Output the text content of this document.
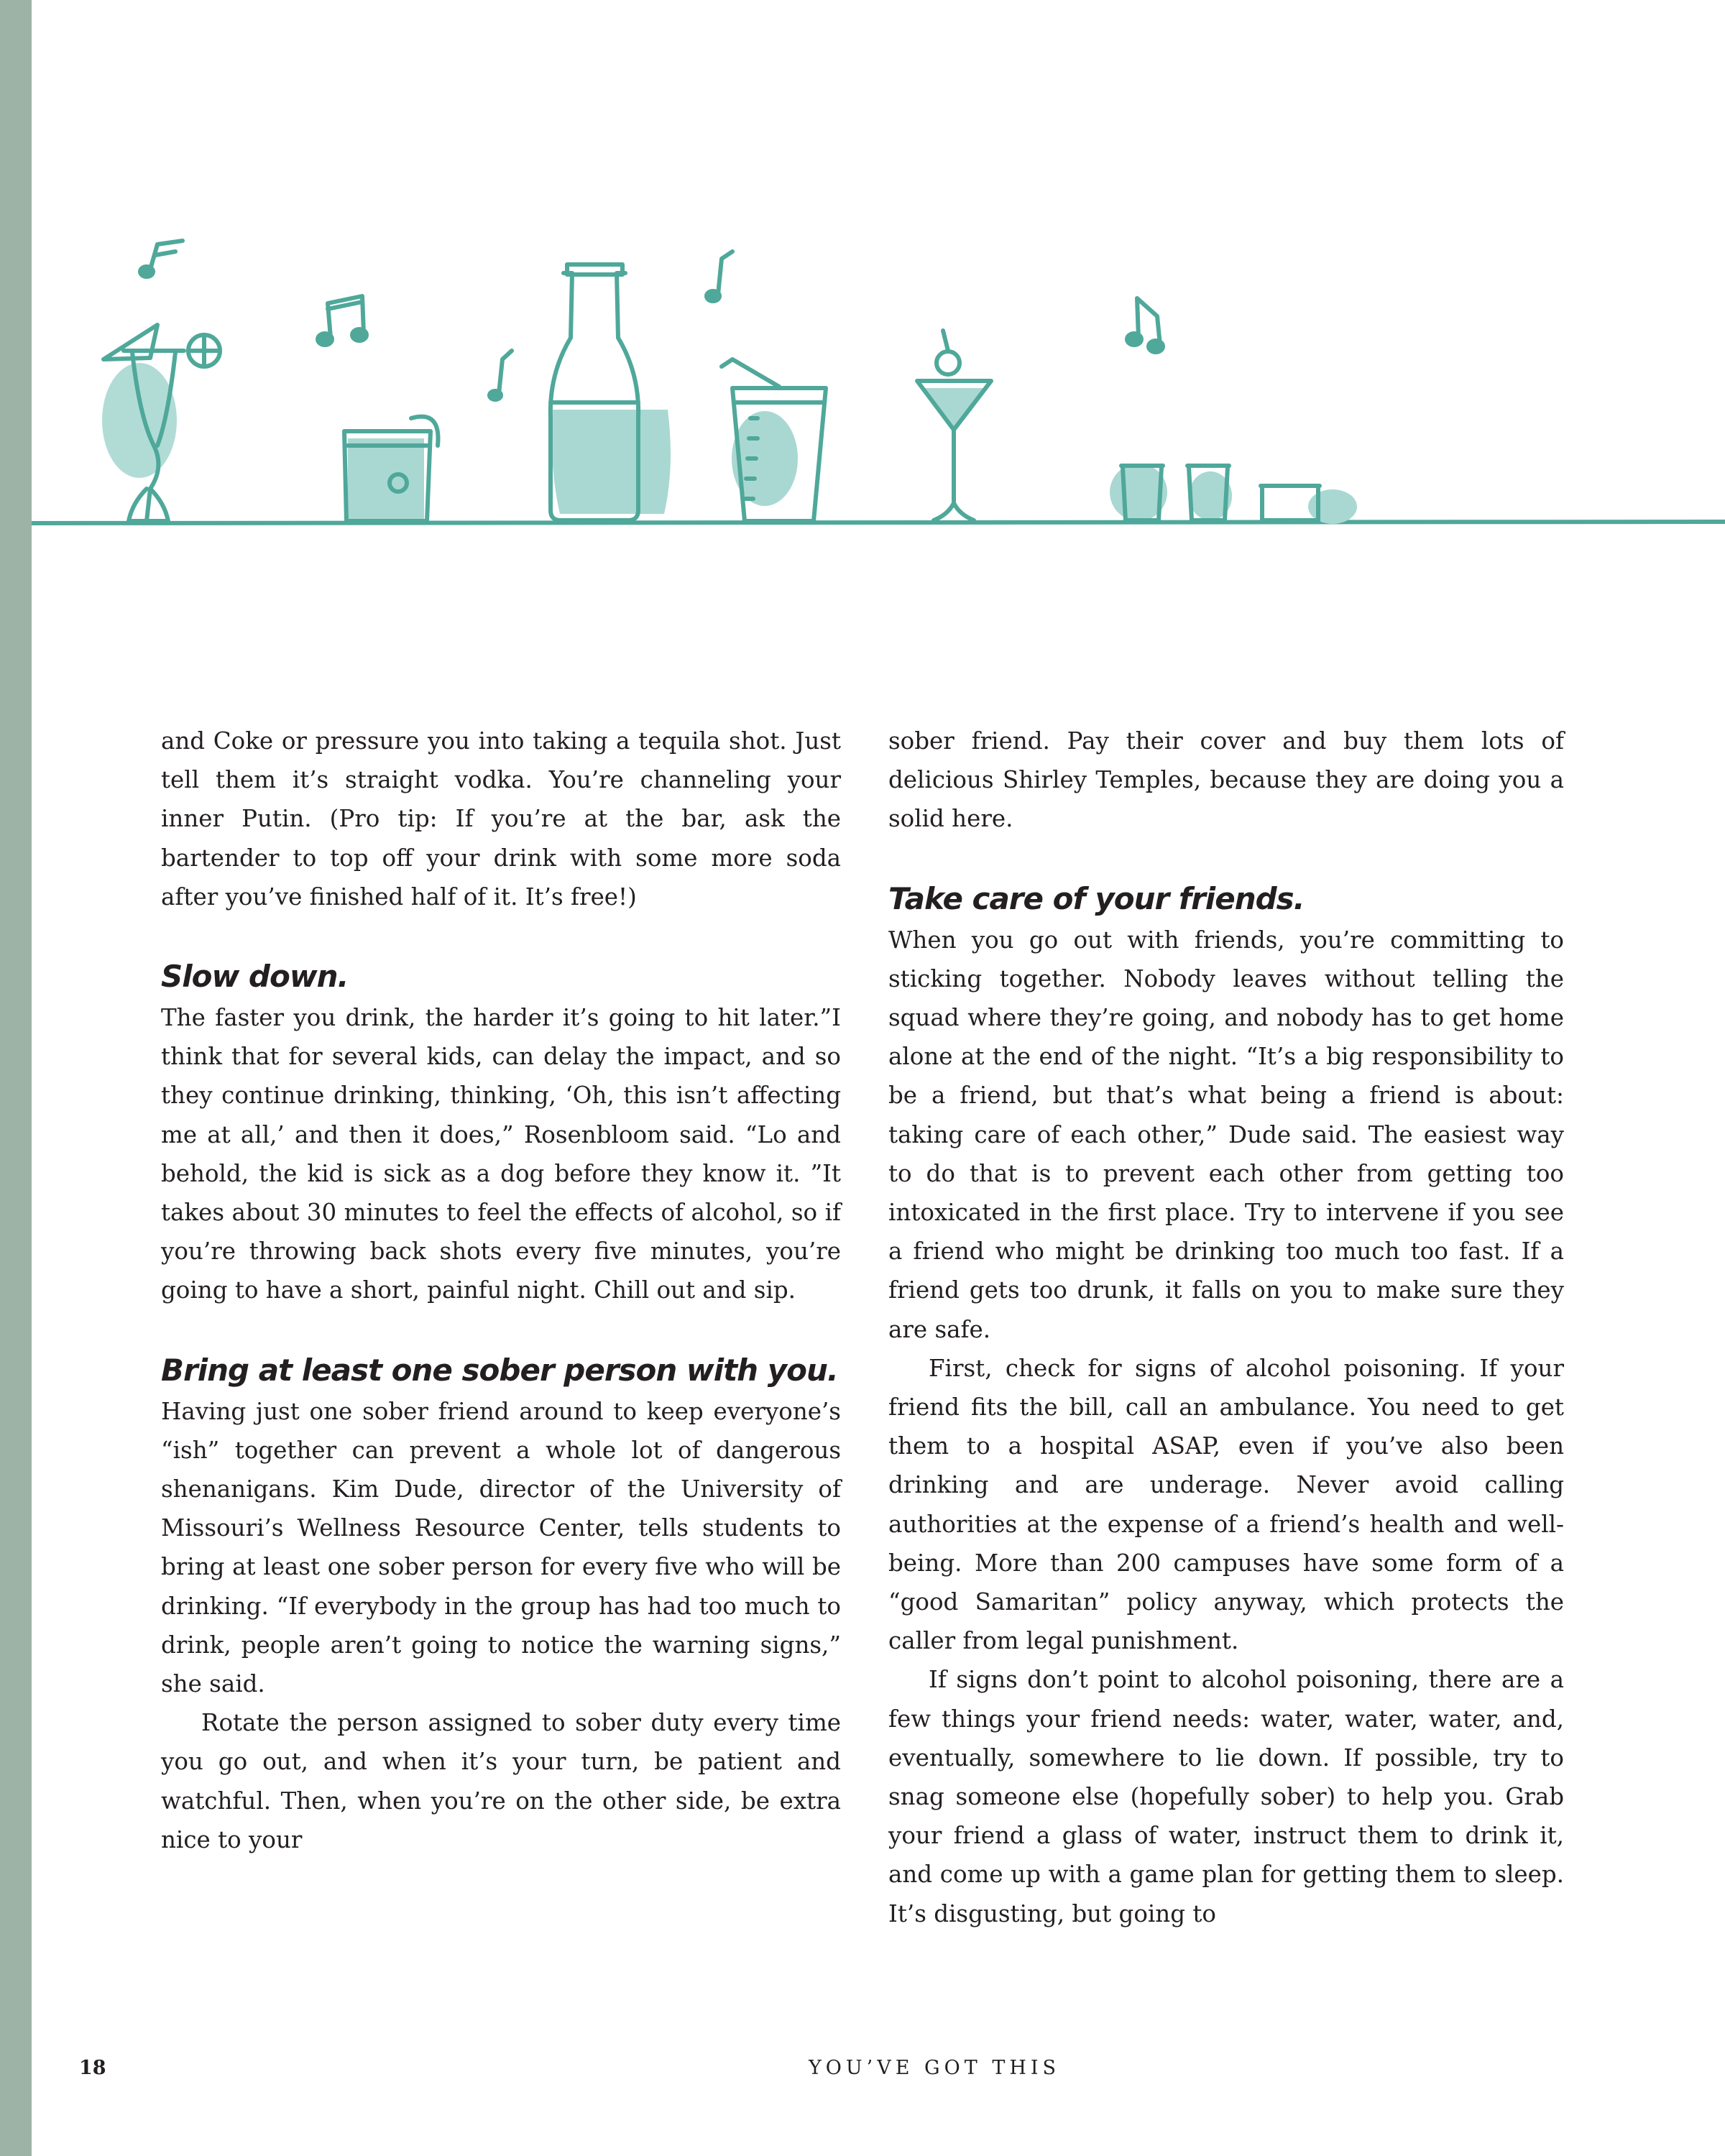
and Coke or pressure you into taking a tequila shot. Just tell them it’s straight vodka. You’re channeling your inner Putin. (Pro tip: If you’re at the bar, ask the bartender to top off your drink with some more soda after you’ve finished half of it. It’s free!)

Slow down.

The faster you drink, the harder it’s going to hit later.”I think that for several kids, can delay the impact, and so they continue drinking, thinking, ‘Oh, this isn’t affecting me at all,’ and then it does,” Rosenbloom said. “Lo and behold, the kid is sick as a dog before they know it. ”It takes about 30 minutes to feel the effects of alcohol, so if you’re throwing back shots every five minutes, you’re going to have a short, painful night. Chill out and sip.

Bring at least one sober person with you.

Having just one sober friend around to keep everyone’s “ish” together can prevent a whole lot of dangerous shenanigans. Kim Dude, director of the University of Missouri’s Wellness Resource Center, tells students to bring at least one sober person for every five who will be drinking. “If everybody in the group has had too much to drink, people aren’t going to notice the warning signs,” she said.

Rotate the person assigned to sober duty every time you go out, and when it’s your turn, be patient and watchful. Then, when you’re on the other side, be extra nice to your

sober friend. Pay their cover and buy them lots of delicious Shirley Temples, because they are doing you a solid here.

Take care of your friends.

When you go out with friends, you’re committing to sticking together. Nobody leaves without telling the squad where they’re going, and nobody has to get home alone at the end of the night. “It’s a big responsibility to be a friend, but that’s what being a friend is about: taking care of each other,” Dude said. The easiest way to do that is to prevent each other from getting too intoxicated in the first place. Try to intervene if you see a friend who might be drinking too much too fast. If a friend gets too drunk, it falls on you to make sure they are safe.

First, check for signs of alcohol poisoning. If your friend fits the bill, call an ambulance. You need to get them to a hospital ASAP, even if you’ve also been drinking and are underage. Never avoid calling authorities at the expense of a friend’s health and well-being. More than 200 campuses have some form of a “good Samaritan” policy anyway, which protects the caller from legal punishment.

If signs don’t point to alcohol poisoning, there are a few things your friend needs: water, water, water, and, eventually, somewhere to lie down. If possible, try to snag someone else (hopefully sober) to help you. Grab your friend a glass of water, instruct them to drink it, and come up with a game plan for getting them to sleep. It’s disgusting, but going to

18	YOU’VE GOT THIS
